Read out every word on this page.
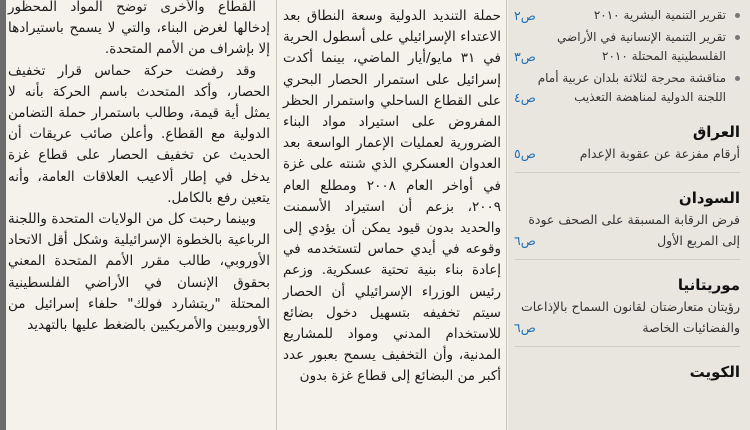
القطاع والأخرى توضح المواد المحظور إدخالها لغرض البناء، والتي لا يسمح باستيرادها إلا بإشراف من الأمم المتحدة.

وقد رفضت حركة حماس قرار تخفيف الحصار، وأكد المتحدث باسم الحركة بأنه لا يمثل أية قيمة، وطالب باستمرار حملة التضامن الدولية مع القطاع. وأعلن صائب عريقات أن الحديث عن تخفيف الحصار على قطاع غزة يدخل في إطار ألاعيب العلاقات العامة، وأنه يتعين رفع بالكامل.

وبينما رحبت كل من الولايات المتحدة واللجنة الرباعية بالخطوة الإسرائيلية وشكل أقل الاتحاد الأوروبي، طالب مقرر الأمم المتحدة المعني بحقوق الإنسان في الأراضي الفلسطينية المحتلة "ريتشارد فولك" حلفاء إسرائيل من الأوروبيين والأمريكيين بالضغط عليها بالتهديد

حملة التنديد الدولية وسعة النطاق بعد الاعتداء الإسرائيلي على أسطول الحرية في ٣١ مايو/أيار الماضي، بينما أكدت إسرائيل على استمرار الحصار البحري على القطاع الساحلي واستمرار الحظر المفروض على استيراد مواد البناء الضرورية لعمليات الإعمار الواسعة بعد العدوان العسكري الذي شنته على غزة في أواخر العام ٢٠٠٨ ومطلع العام ٢٠٠٩، بزعم أن استيراد الأسمنت والحديد بدون قيود يمكن أن يؤدي إلى وقوعه في أيدي حماس لتستخدمه في إعادة بناء بنية تحتية عسكرية. وزعم رئيس الوزراء الإسرائيلي أن الحصار سيتم تخفيفه بتسهيل دخول بضائع للاستخدام المدني ومواد للمشاريع المدنية، وأن التخفيف يسمح بعبور عدد أكبر من البضائع إلى قطاع غزة بدون

تقرير التنمية البشرية ٢٠١٠
ص٢
تقرير التنمية الإنسانية في الأراضي الفلسطينية المحتلة ٢٠١٠
ص٣
مناقشة محرجة لثلاثة بلدان عربية أمام اللجنة الدولية لمناهضة التعذيب
ص٤
العراق
أرقام مفزعة عن عقوبة الإعدام
ص٥
السودان
فرض الرقابة المسبقة على الصحف عودة إلى المربع الأول
ص٦
موريتانيا
رؤيتان متعارضتان لقانون السماح بالإذاعات والفضائيات الخاصة
ص٦
الكويت
